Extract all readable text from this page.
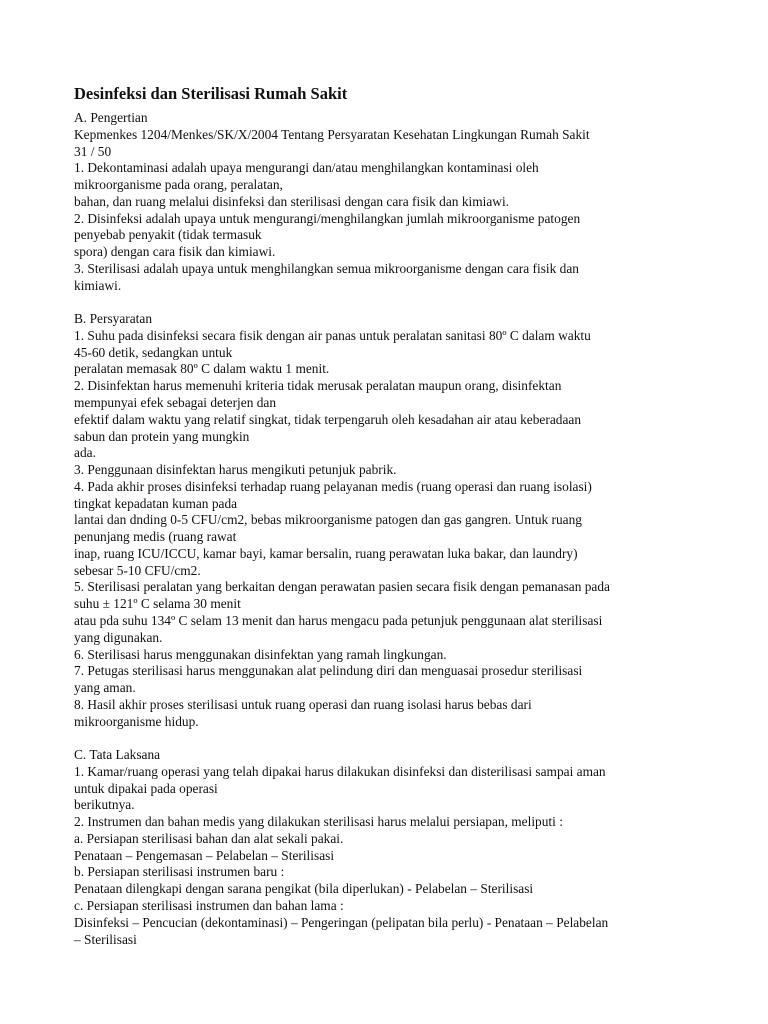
Desinfeksi dan Sterilisasi Rumah Sakit
A. Pengertian
Kepmenkes 1204/Menkes/SK/X/2004 Tentang Persyaratan Kesehatan Lingkungan Rumah Sakit
31 / 50
1. Dekontaminasi adalah upaya mengurangi dan/atau menghilangkan kontaminasi oleh
mikroorganisme pada orang, peralatan,
bahan, dan ruang melalui disinfeksi dan sterilisasi dengan cara fisik dan kimiawi.
2. Disinfeksi adalah upaya untuk mengurangi/menghilangkan jumlah mikroorganisme patogen
penyebab penyakit (tidak termasuk
spora) dengan cara fisik dan kimiawi.
3. Sterilisasi adalah upaya untuk menghilangkan semua mikroorganisme dengan cara fisik dan
kimiawi.
B. Persyaratan
1. Suhu pada disinfeksi secara fisik dengan air panas untuk peralatan sanitasi 80º C dalam waktu
45-60 detik, sedangkan untuk
peralatan memasak 80º C dalam waktu 1 menit.
2. Disinfektan harus memenuhi kriteria tidak merusak peralatan maupun orang, disinfektan
mempunyai efek sebagai deterjen dan
efektif dalam waktu yang relatif singkat, tidak terpengaruh oleh kesadahan air atau keberadaan
sabun dan protein yang mungkin
ada.
3. Penggunaan disinfektan harus mengikuti petunjuk pabrik.
4. Pada akhir proses disinfeksi terhadap ruang pelayanan medis (ruang operasi dan ruang isolasi)
tingkat kepadatan kuman pada
lantai dan dnding 0-5 CFU/cm2, bebas mikroorganisme patogen dan gas gangren. Untuk ruang
penunjang medis (ruang rawat
inap, ruang ICU/ICCU, kamar bayi, kamar bersalin, ruang perawatan luka bakar, dan laundry)
sebesar 5-10 CFU/cm2.
5. Sterilisasi peralatan yang berkaitan dengan perawatan pasien secara fisik dengan pemanasan pada
suhu ± 121º C selama 30 menit
atau pda suhu 134º C selam 13 menit dan harus mengacu pada petunjuk penggunaan alat sterilisasi
yang digunakan.
6. Sterilisasi harus menggunakan disinfektan yang ramah lingkungan.
7. Petugas sterilisasi harus menggunakan alat pelindung diri dan menguasai prosedur sterilisasi
yang aman.
8. Hasil akhir proses sterilisasi untuk ruang operasi dan ruang isolasi harus bebas dari
mikroorganisme hidup.
C. Tata Laksana
1. Kamar/ruang operasi yang telah dipakai harus dilakukan disinfeksi dan disterilisasi sampai aman
untuk dipakai pada operasi
berikutnya.
2. Instrumen dan bahan medis yang dilakukan sterilisasi harus melalui persiapan, meliputi :
a. Persiapan sterilisasi bahan dan alat sekali pakai.
Penataan – Pengemasan – Pelabelan – Sterilisasi
b. Persiapan sterilisasi instrumen baru :
Penataan dilengkapi dengan sarana pengikat (bila diperlukan) - Pelabelan – Sterilisasi
c. Persiapan sterilisasi instrumen dan bahan lama :
Disinfeksi – Pencucian (dekontaminasi) – Pengeringan (pelipatan bila perlu) - Penataan – Pelabelan
– Sterilisasi
